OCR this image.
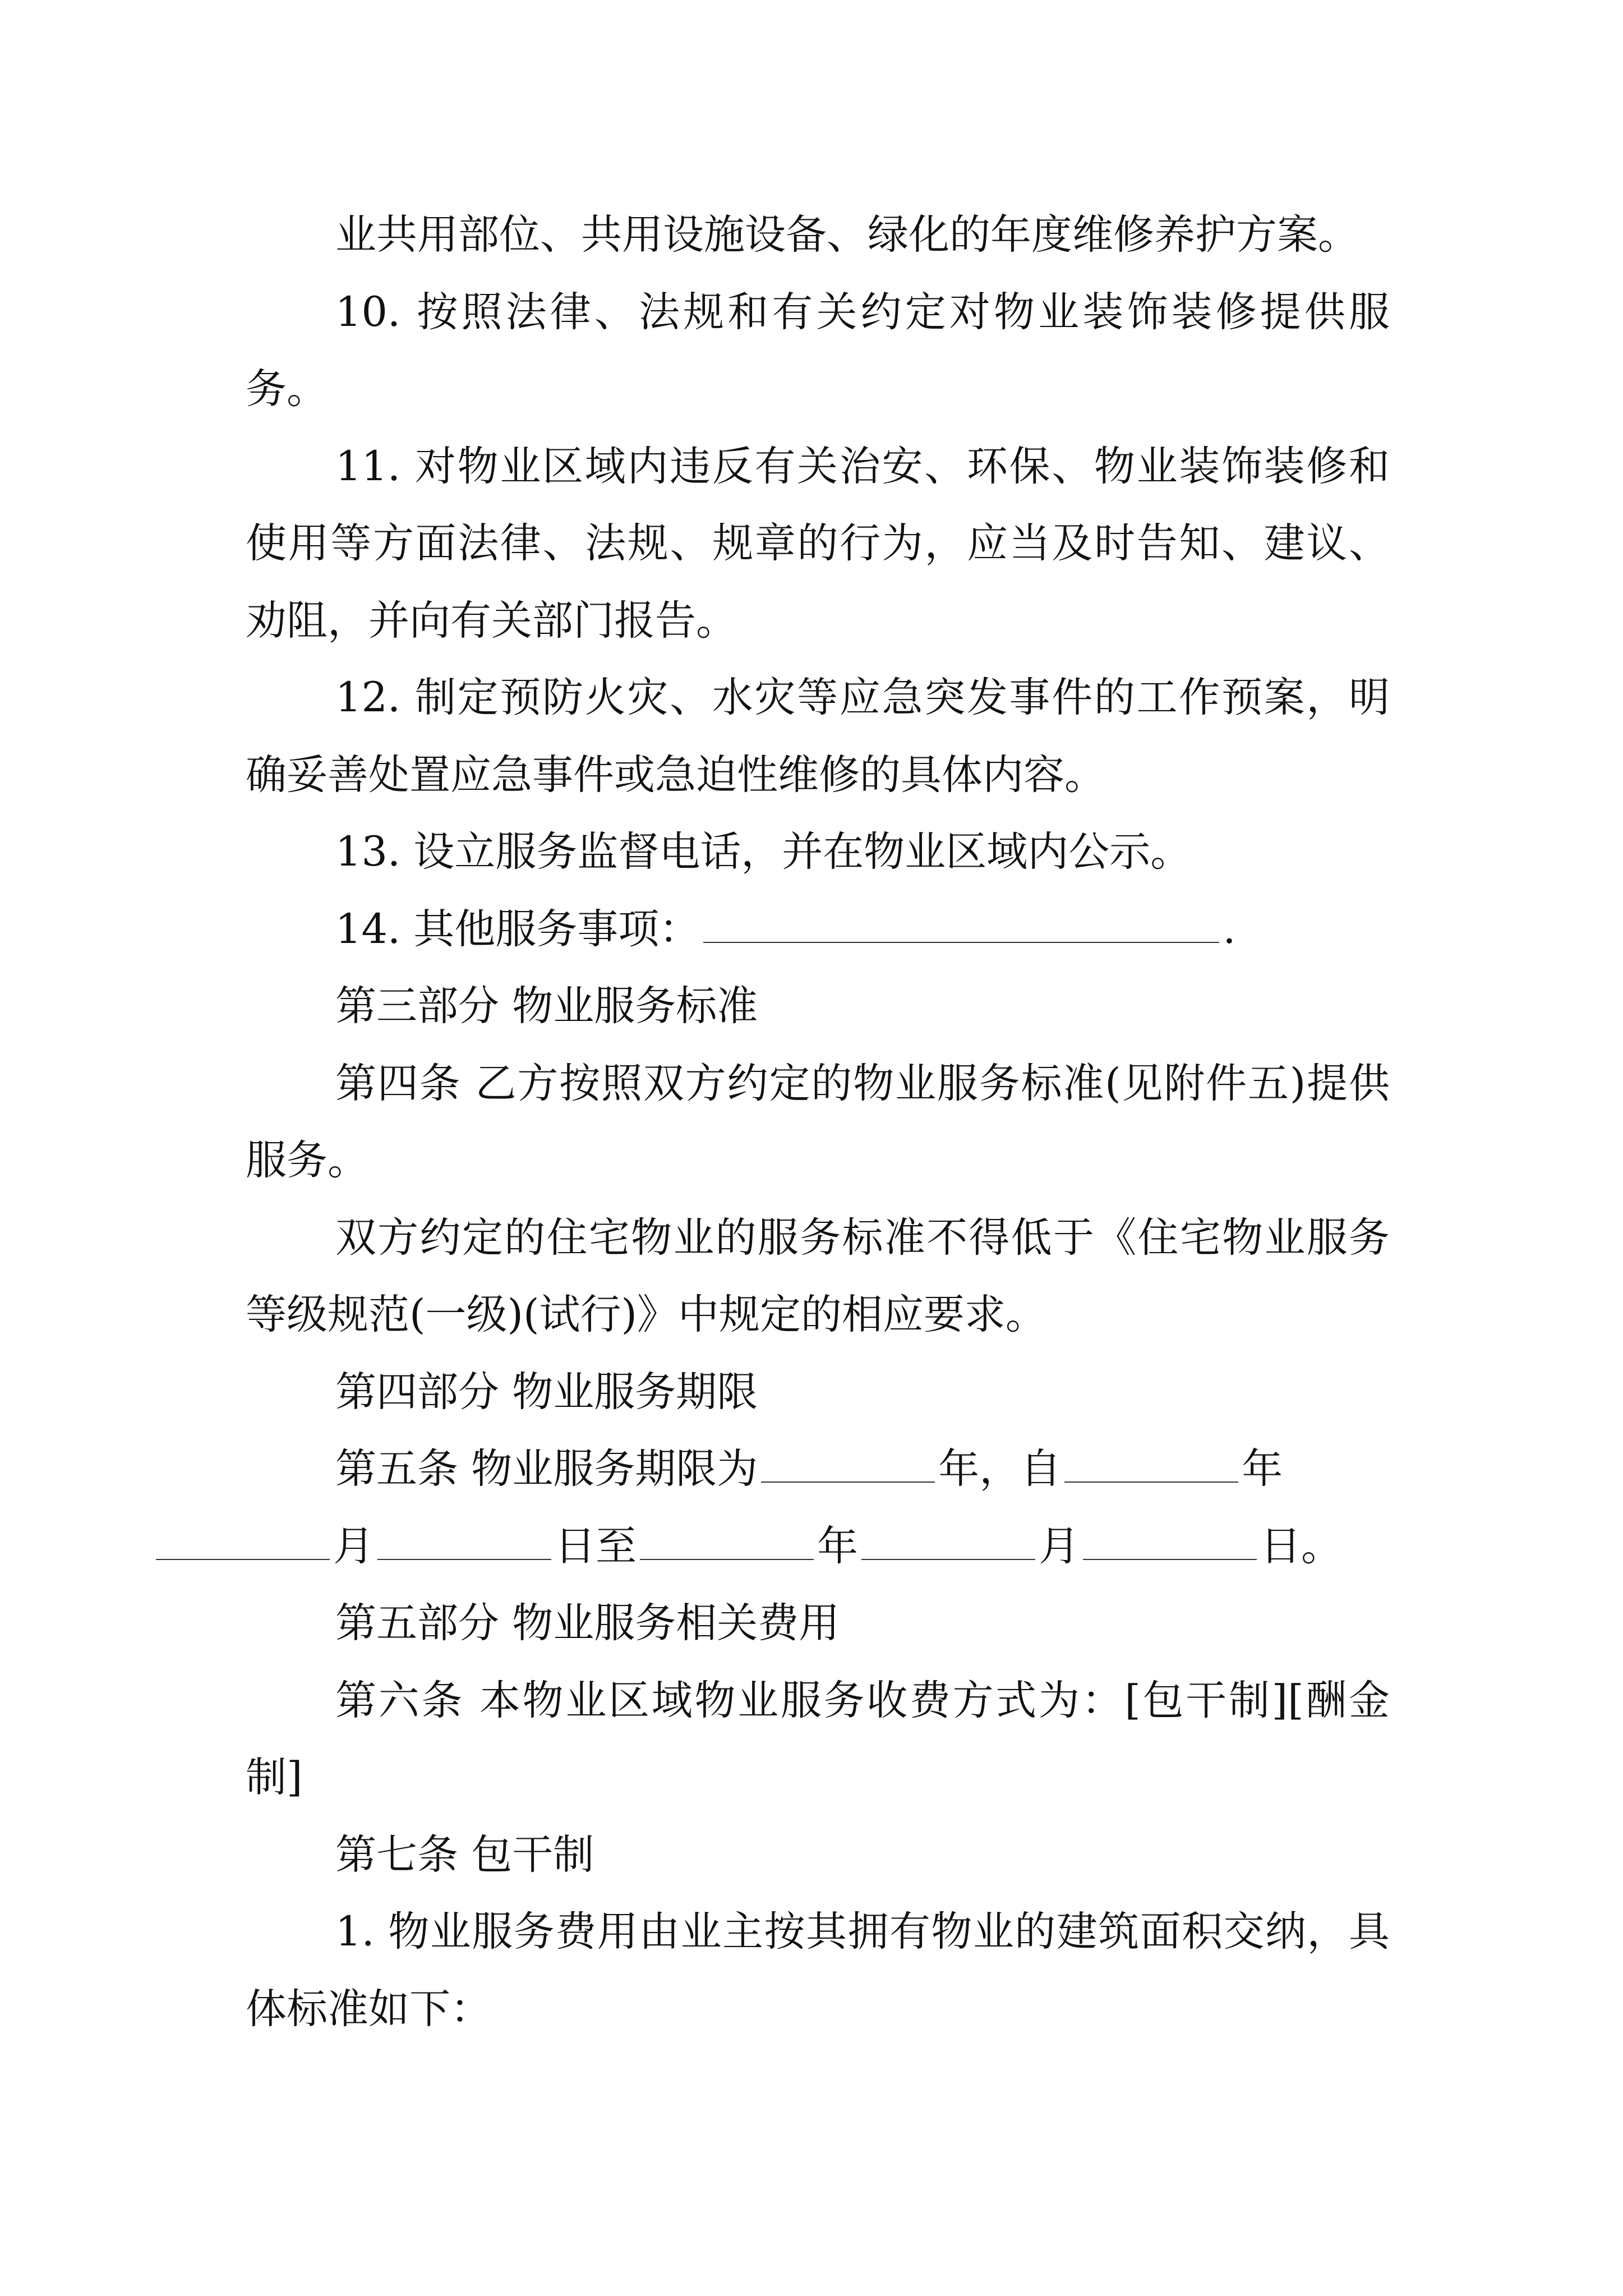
业共用部位、共用设施设备、绿化的年度维修养护方案。

10. 按照法律、法规和有关约定对物业装饰装修提供服务。

11. 对物业区域内违反有关治安、环保、物业装饰装修和使用等方面法律、法规、规章的行为，应当及时告知、建议、劝阻，并向有关部门报告。

12. 制定预防火灾、水灾等应急突发事件的工作预案，明确妥善处置应急事件或急迫性维修的具体内容。

13. 设立服务监督电话，并在物业区域内公示。

14. 其他服务事项：	.

第三部分 物业服务标准

第四条 乙方按照双方约定的物业服务标准(见附件五)提供服务。

双方约定的住宅物业的服务标准不得低于《住宅物业服务等级规范(一级)(试行)》中规定的相应要求。

第四部分 物业服务期限

第五条 物业服务期限为	年，自	年
月	日至	年	月	日。

第五部分 物业服务相关费用

第六条 本物业区域物业服务收费方式为：[包干制][酬金制]

第七条 包干制

1. 物业服务费用由业主按其拥有物业的建筑面积交纳，具体标准如下：
